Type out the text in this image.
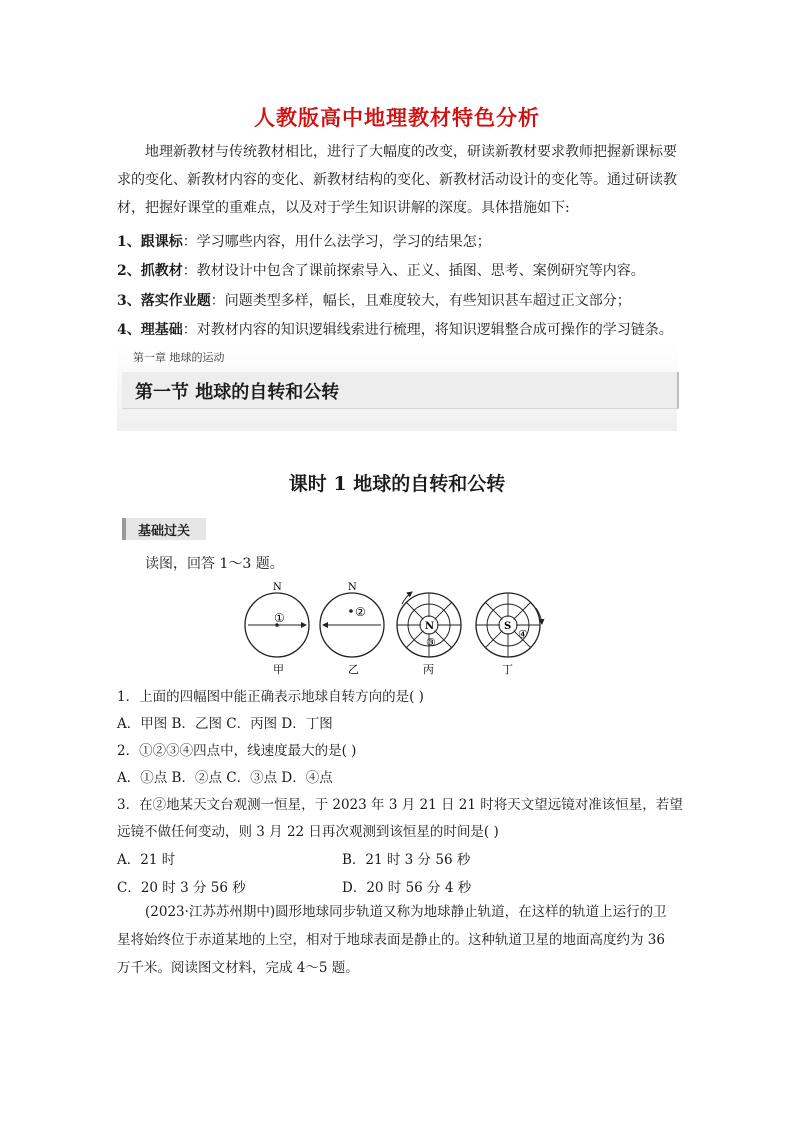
人教版高中地理教材特色分析
地理新教材与传统教材相比，进行了大幅度的改变，研读新教材要求教师把握新课标要求的变化、新教材内容的变化、新教材结构的变化、新教材活动设计的变化等。通过研读教材，把握好课堂的重难点，以及对于学生知识讲解的深度。具体措施如下:
1、跟课标：学习哪些内容，用什么法学习，学习的结果怎；
2、抓教材：教材设计中包含了课前探索导入、正义、插图、思考、案例研究等内容。
3、落实作业题：问题类型多样，幅长，且难度较大，有些知识甚车超过正文部分；
4、理基础：对教材内容的知识逻辑线索进行梳理，将知识逻辑整合成可操作的学习链条。
第一章 地球的运动
第一节 地球的自转和公转
课时 1 地球的自转和公转
基础过关
读图，回答 1～3 题。
N
①
甲
N
②
乙
N
③
丙
S
④
丁
1．上面的四幅图中能正确表示地球自转方向的是( )
A．甲图 B．乙图 C．丙图 D．丁图
2．①②③④四点中，线速度最大的是( )
A．①点 B．②点 C．③点 D．④点
3．在②地某天文台观测一恒星，于 2023 年 3 月 21 日 21 时将天文望远镜对准该恒星，若望
远镜不做任何变动，则 3 月 22 日再次观测到该恒星的时间是( )
A．21 时	B．21 时 3 分 56 秒
C．20 时 3 分 56 秒	D．20 时 56 分 4 秒
(2023·江苏苏州期中)圆形地球同步轨道又称为地球静止轨道，在这样的轨道上运行的卫
星将始终位于赤道某地的上空，相对于地球表面是静止的。这种轨道卫星的地面高度约为 36
万千米。阅读图文材料，完成 4～5 题。
